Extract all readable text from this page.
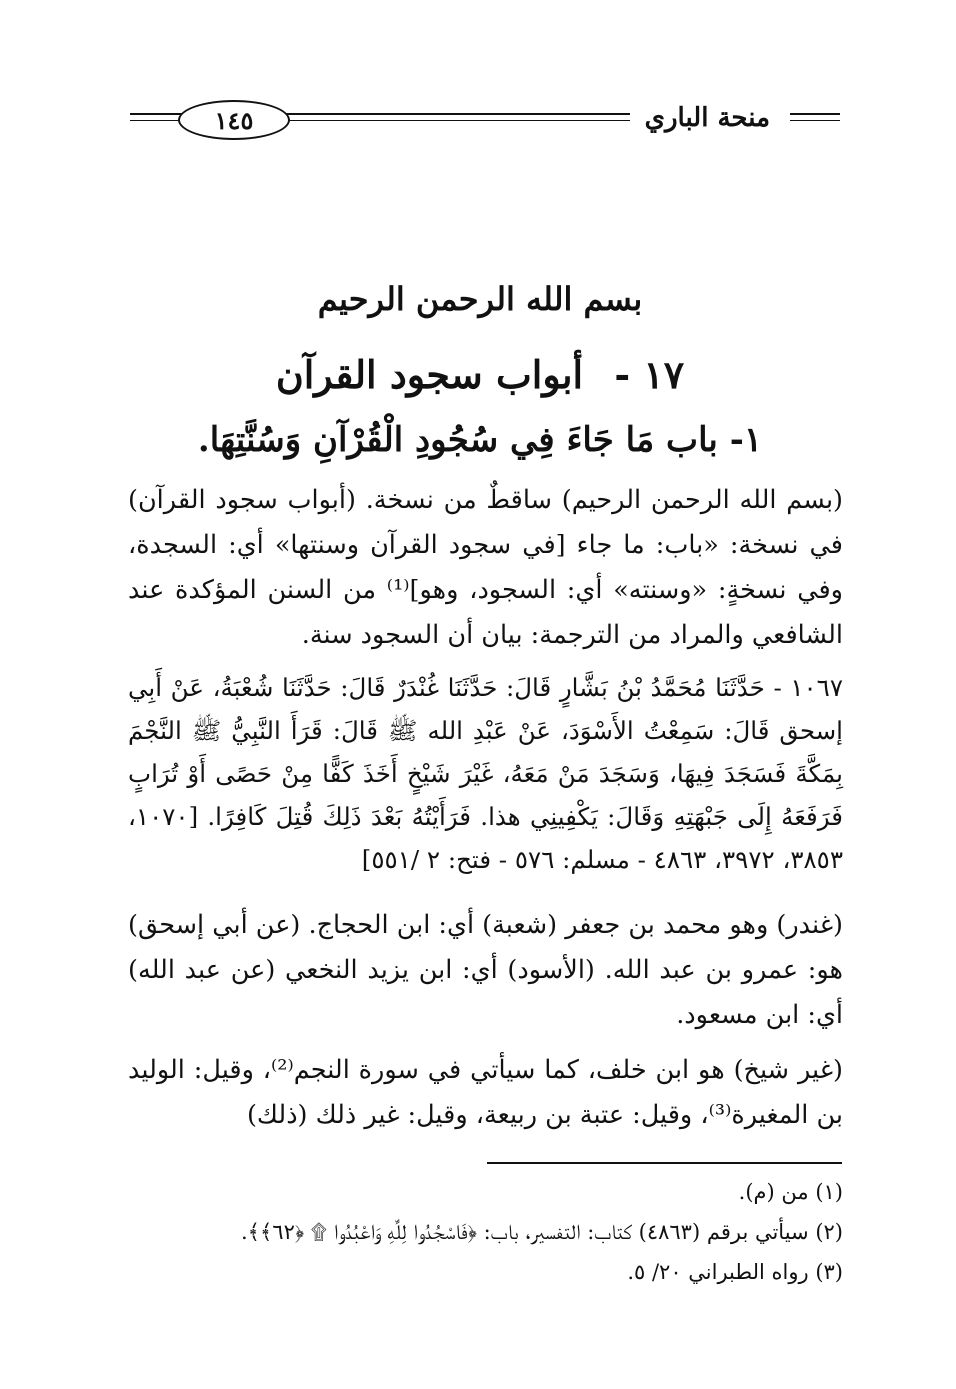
١٤٥	منحة الباري
بسم الله الرحمن الرحيم
١٧ - أبواب سجود القرآن
١- باب مَا جَاءَ فِي سُجُودِ الْقُرْآنِ وَسُنَّتِهَا.

(بسم الله الرحمن الرحيم) ساقطٌ من نسخة. (أبواب سجود القرآن) في نسخة: «باب: ما جاء [في سجود القرآن وسنتها» أي: السجدة، وفي نسخةٍ: «وسنته» أي: السجود، وهو]⁽¹⁾ من السنن المؤكدة عند الشافعي والمراد من الترجمة: بيان أن السجود سنة.

١٠٦٧ - حَدَّثَنَا مُحَمَّدُ بْنُ بَشَّارٍ قَالَ: حَدَّثَنَا غُنْدَرٌ قَالَ: حَدَّثَنَا شُعْبَةُ، عَنْ أَبِي إسحق قَالَ: سَمِعْتُ الأَسْوَدَ، عَنْ عَبْدِ الله ﷺ قَالَ: قَرَأَ النَّبِيُّ ﷺ النَّجْمَ بِمَكَّةَ فَسَجَدَ فِيهَا، وَسَجَدَ مَنْ مَعَهُ، غَيْرَ شَيْخٍ أَخَذَ كَفًّا مِنْ حَصًى أَوْ تُرَابٍ فَرَفَعَهُ إِلَى جَبْهَتِهِ وَقَالَ: يَكْفِينِي هذا. فَرَأَيْتُهُ بَعْدَ ذَلِكَ قُتِلَ كَافِرًا. [١٠٧٠، ٣٨٥٣، ٣٩٧٢، ٤٨٦٣ - مسلم: ٥٧٦ - فتح: ٢ /٥٥١]

(غندر) وهو محمد بن جعفر (شعبة) أي: ابن الحجاج. (عن أبي إسحق) هو: عمرو بن عبد الله. (الأسود) أي: ابن يزيد النخعي (عن عبد الله) أي: ابن مسعود.

(غير شيخ) هو ابن خلف، كما سيأتي في سورة النجم⁽²⁾، وقيل: الوليد بن المغيرة⁽³⁾، وقيل: عتبة بن ربيعة، وقيل: غير ذلك (ذلك)

(١) من (م).
(٢) سيأتي برقم (٤٨٦٣) كتاب: التفسير، باب: ﴿فَاسْجُدُوا لِلَّهِ وَاعْبُدُوا ۩ ﴿٦٢﴾﴾.
(٣) رواه الطبراني ٢٠/ ٥.
